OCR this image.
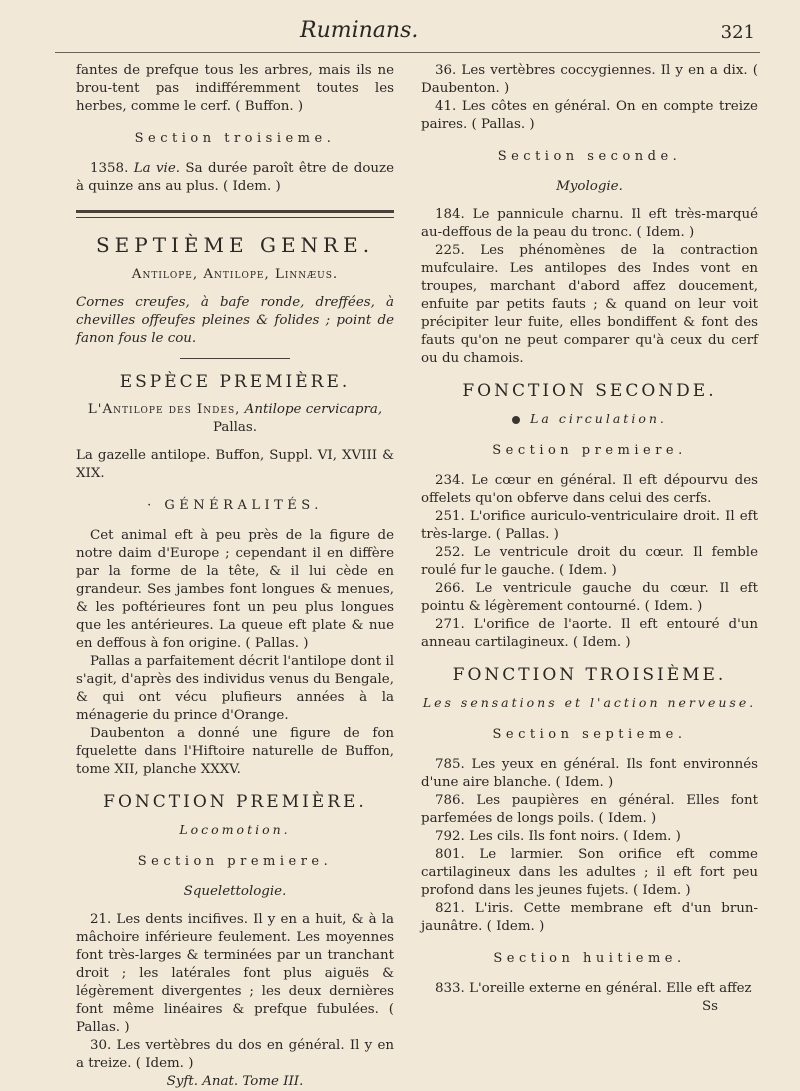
Ruminans.	321

fantes de prefque tous les arbres, mais ils ne brou-tent pas indifféremment toutes les herbes, comme le cerf. ( Buffon. )

Section troisieme.

1358. La vie. Sa durée paroît être de douze à quinze ans au plus. ( Idem. )

SEPTIÈME GENRE.

Antilope, Antilope, Linnæus.

Cornes creufes, à bafe ronde, dreffées, à chevilles offeufes pleines & folides ; point de fanon fous le cou.

ESPÈCE PREMIÈRE.

L'Antilope des Indes, Antilope cervicapra, Pallas.

La gazelle antilope. Buffon, Suppl. VI, XVIII & XIX.

· GÉNÉRALITÉS.

Cet animal eft à peu près de la figure de notre daim d'Europe ; cependant il en diffère par la forme de la tête, & il lui cède en grandeur. Ses jambes font longues & menues, & les poftérieures font un peu plus longues que les antérieures. La queue eft plate & nue en deffous à fon origine. ( Pallas. )

Pallas a parfaitement décrit l'antilope dont il s'agit, d'après des individus venus du Bengale, & qui ont vécu plufieurs années à la ménagerie du prince d'Orange.

Daubenton a donné une figure de fon fquelette dans l'Hiftoire naturelle de Buffon, tome XII, planche XXXV.

FONCTION PREMIÈRE.
Locomotion.
Section premiere.

Squelettologie.

21. Les dents incifives. Il y en a huit, & à la mâchoire inférieure feulement. Les moyennes font très-larges & terminées par un tranchant droit ; les latérales font plus aiguës & légèrement divergentes ; les deux dernières font même linéaires & prefque fubulées. ( Pallas. )

30. Les vertèbres du dos en général. Il y en a treize. ( Idem. )

Syft. Anat. Tome III.

36. Les vertèbres coccygiennes. Il y en a dix. ( Daubenton. )

41. Les côtes en général. On en compte treize paires. ( Pallas. )

Section seconde.

Myologie.

184. Le pannicule charnu. Il eft très-marqué au-deffous de la peau du tronc. ( Idem. )

225. Les phénomènes de la contraction mufculaire. Les antilopes des Indes vont en troupes, marchant d'abord affez doucement, enfuite par petits fauts ; & quand on leur voit précipiter leur fuite, elles bondiffent & font des fauts qu'on ne peut comparer qu'à ceux du cerf ou du chamois.

FONCTION SECONDE.
La circulation.
Section premiere.

234. Le cœur en général. Il eft dépourvu des offelets qu'on obferve dans celui des cerfs.

251. L'orifice auriculo-ventriculaire droit. Il eft très-large. ( Pallas. )

252. Le ventricule droit du cœur. Il femble roulé fur le gauche. ( Idem. )

266. Le ventricule gauche du cœur. Il eft pointu & légèrement contourné. ( Idem. )

271. L'orifice de l'aorte. Il eft entouré d'un anneau cartilagineux. ( Idem. )

FONCTION TROISIÈME.
Les sensations et l'action nerveuse.
Section septieme.

785. Les yeux en général. Ils font environnés d'une aire blanche. ( Idem. )

786. Les paupières en général. Elles font parfemées de longs poils. ( Idem. )

792. Les cils. Ils font noirs. ( Idem. )

801. Le larmier. Son orifice eft comme cartilagineux dans les adultes ; il eft fort peu profond dans les jeunes fujets. ( Idem. )

821. L'iris. Cette membrane eft d'un brun-jaunâtre. ( Idem. )

Section huitieme.

833. L'oreille externe en général. Elle eft affez

Ss
